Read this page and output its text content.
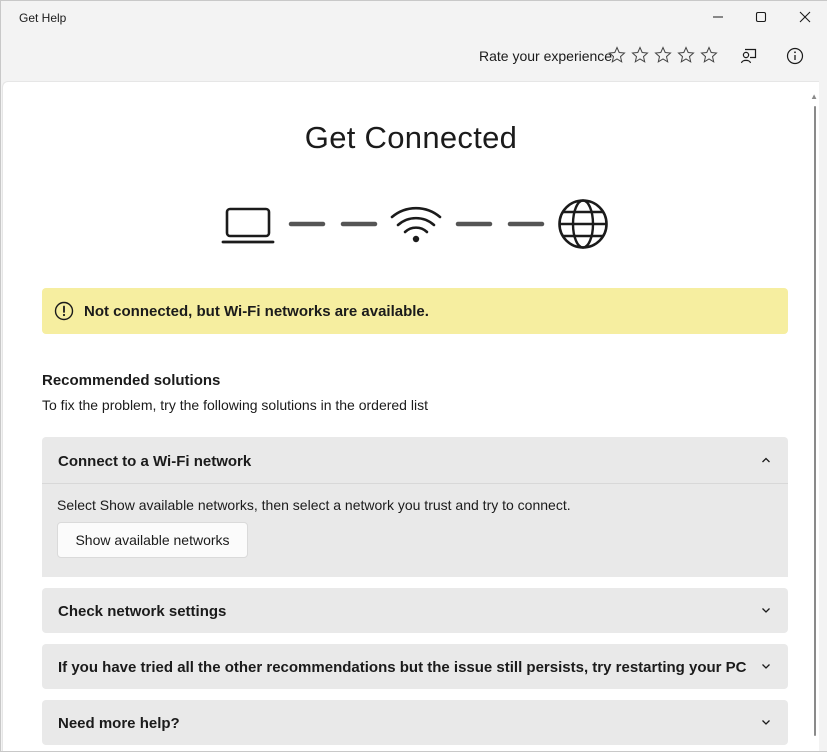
Get Help
Rate your experience
▲
Get Connected
Not connected, but Wi-Fi networks are available.
Recommended solutions
To fix the problem, try the following solutions in the ordered list
Connect to a Wi-Fi network
Select Show available networks, then select a network you trust and try to connect.
Show available networks
Check network settings
If you have tried all the other recommendations but the issue still persists, try restarting your PC
Need more help?
